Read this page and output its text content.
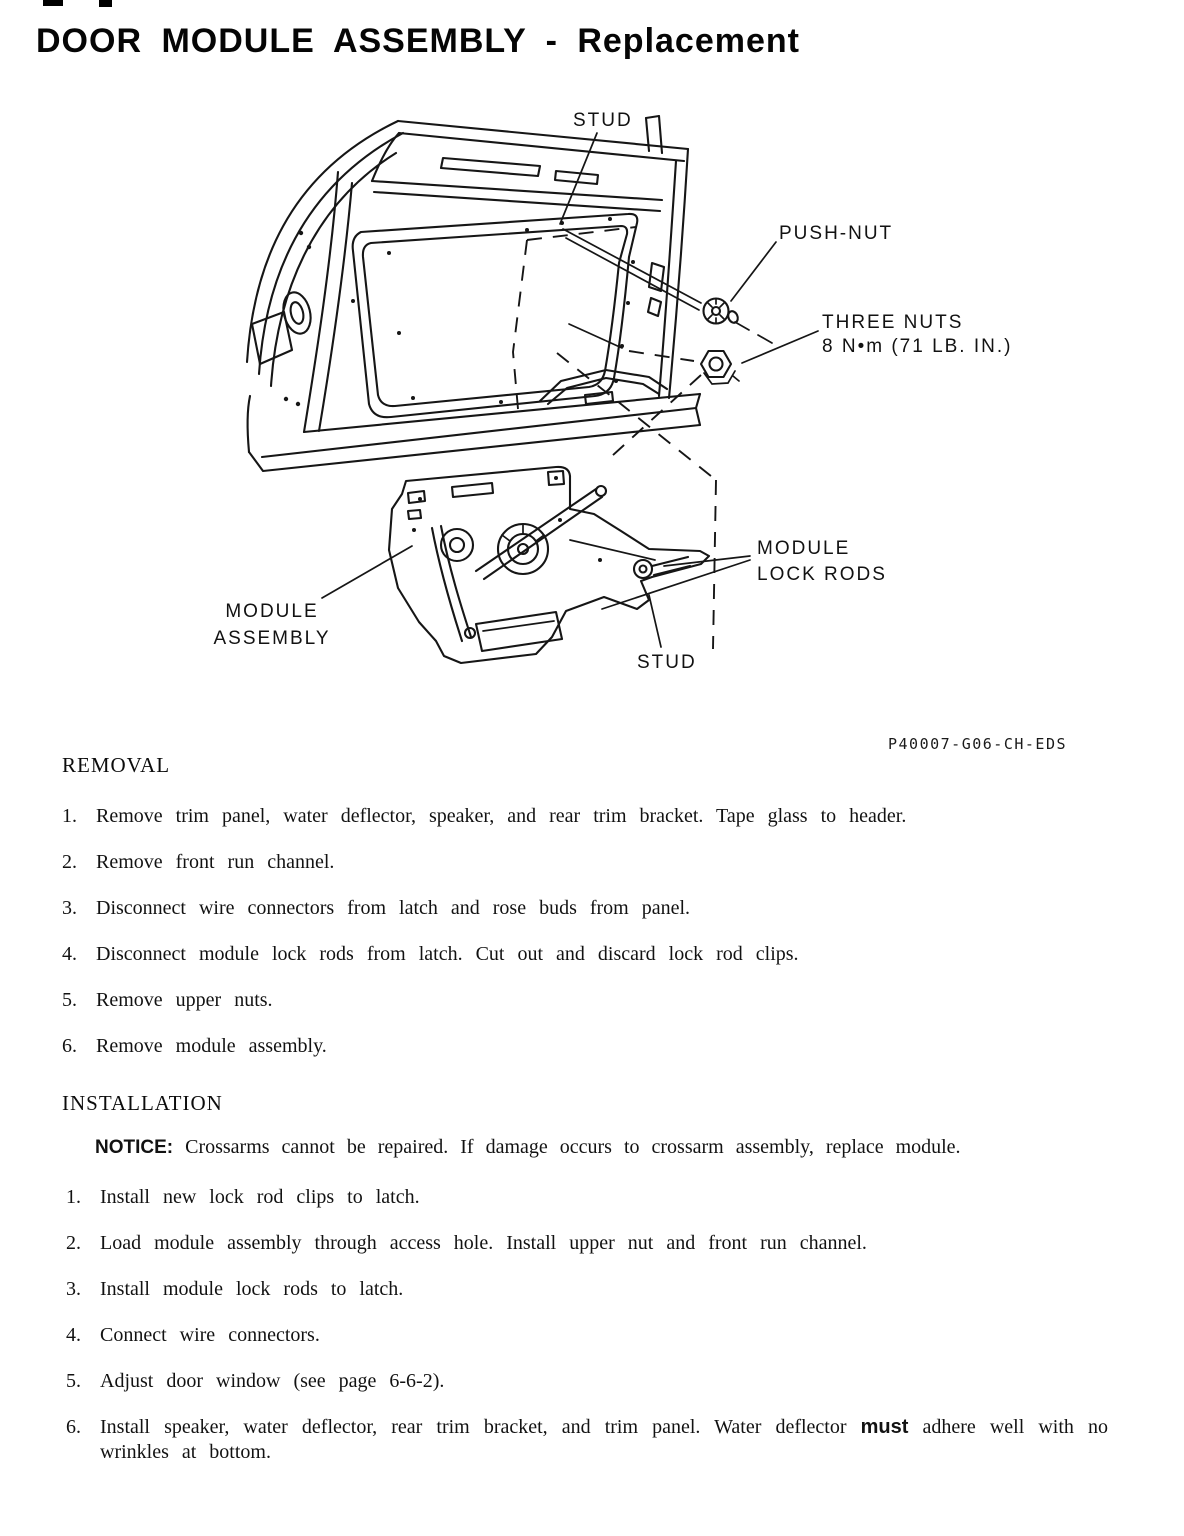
DOOR MODULE ASSEMBLY - Replacement
STUD
PUSH-NUT
THREE NUTS
8 N•m (71 LB. IN.)
MODULE
LOCK RODS
MODULE
ASSEMBLY
STUD
P40007-G06-CH-EDS
REMOVAL
1. Remove trim panel, water deflector, speaker, and rear trim bracket. Tape glass to header.
2. Remove front run channel.
3. Disconnect wire connectors from latch and rose buds from panel.
4. Disconnect module lock rods from latch. Cut out and discard lock rod clips.
5. Remove upper nuts.
6. Remove module assembly.
INSTALLATION

NOTICE: Crossarms cannot be repaired. If damage occurs to crossarm assembly, replace module.

1. Install new lock rod clips to latch.
2. Load module assembly through access hole. Install upper nut and front run channel.
3. Install module lock rods to latch.
4. Connect wire connectors.
5. Adjust door window (see page 6-6-2).
6. Install speaker, water deflector, rear trim bracket, and trim panel. Water deflector must adhere well with no wrinkles at bottom.
